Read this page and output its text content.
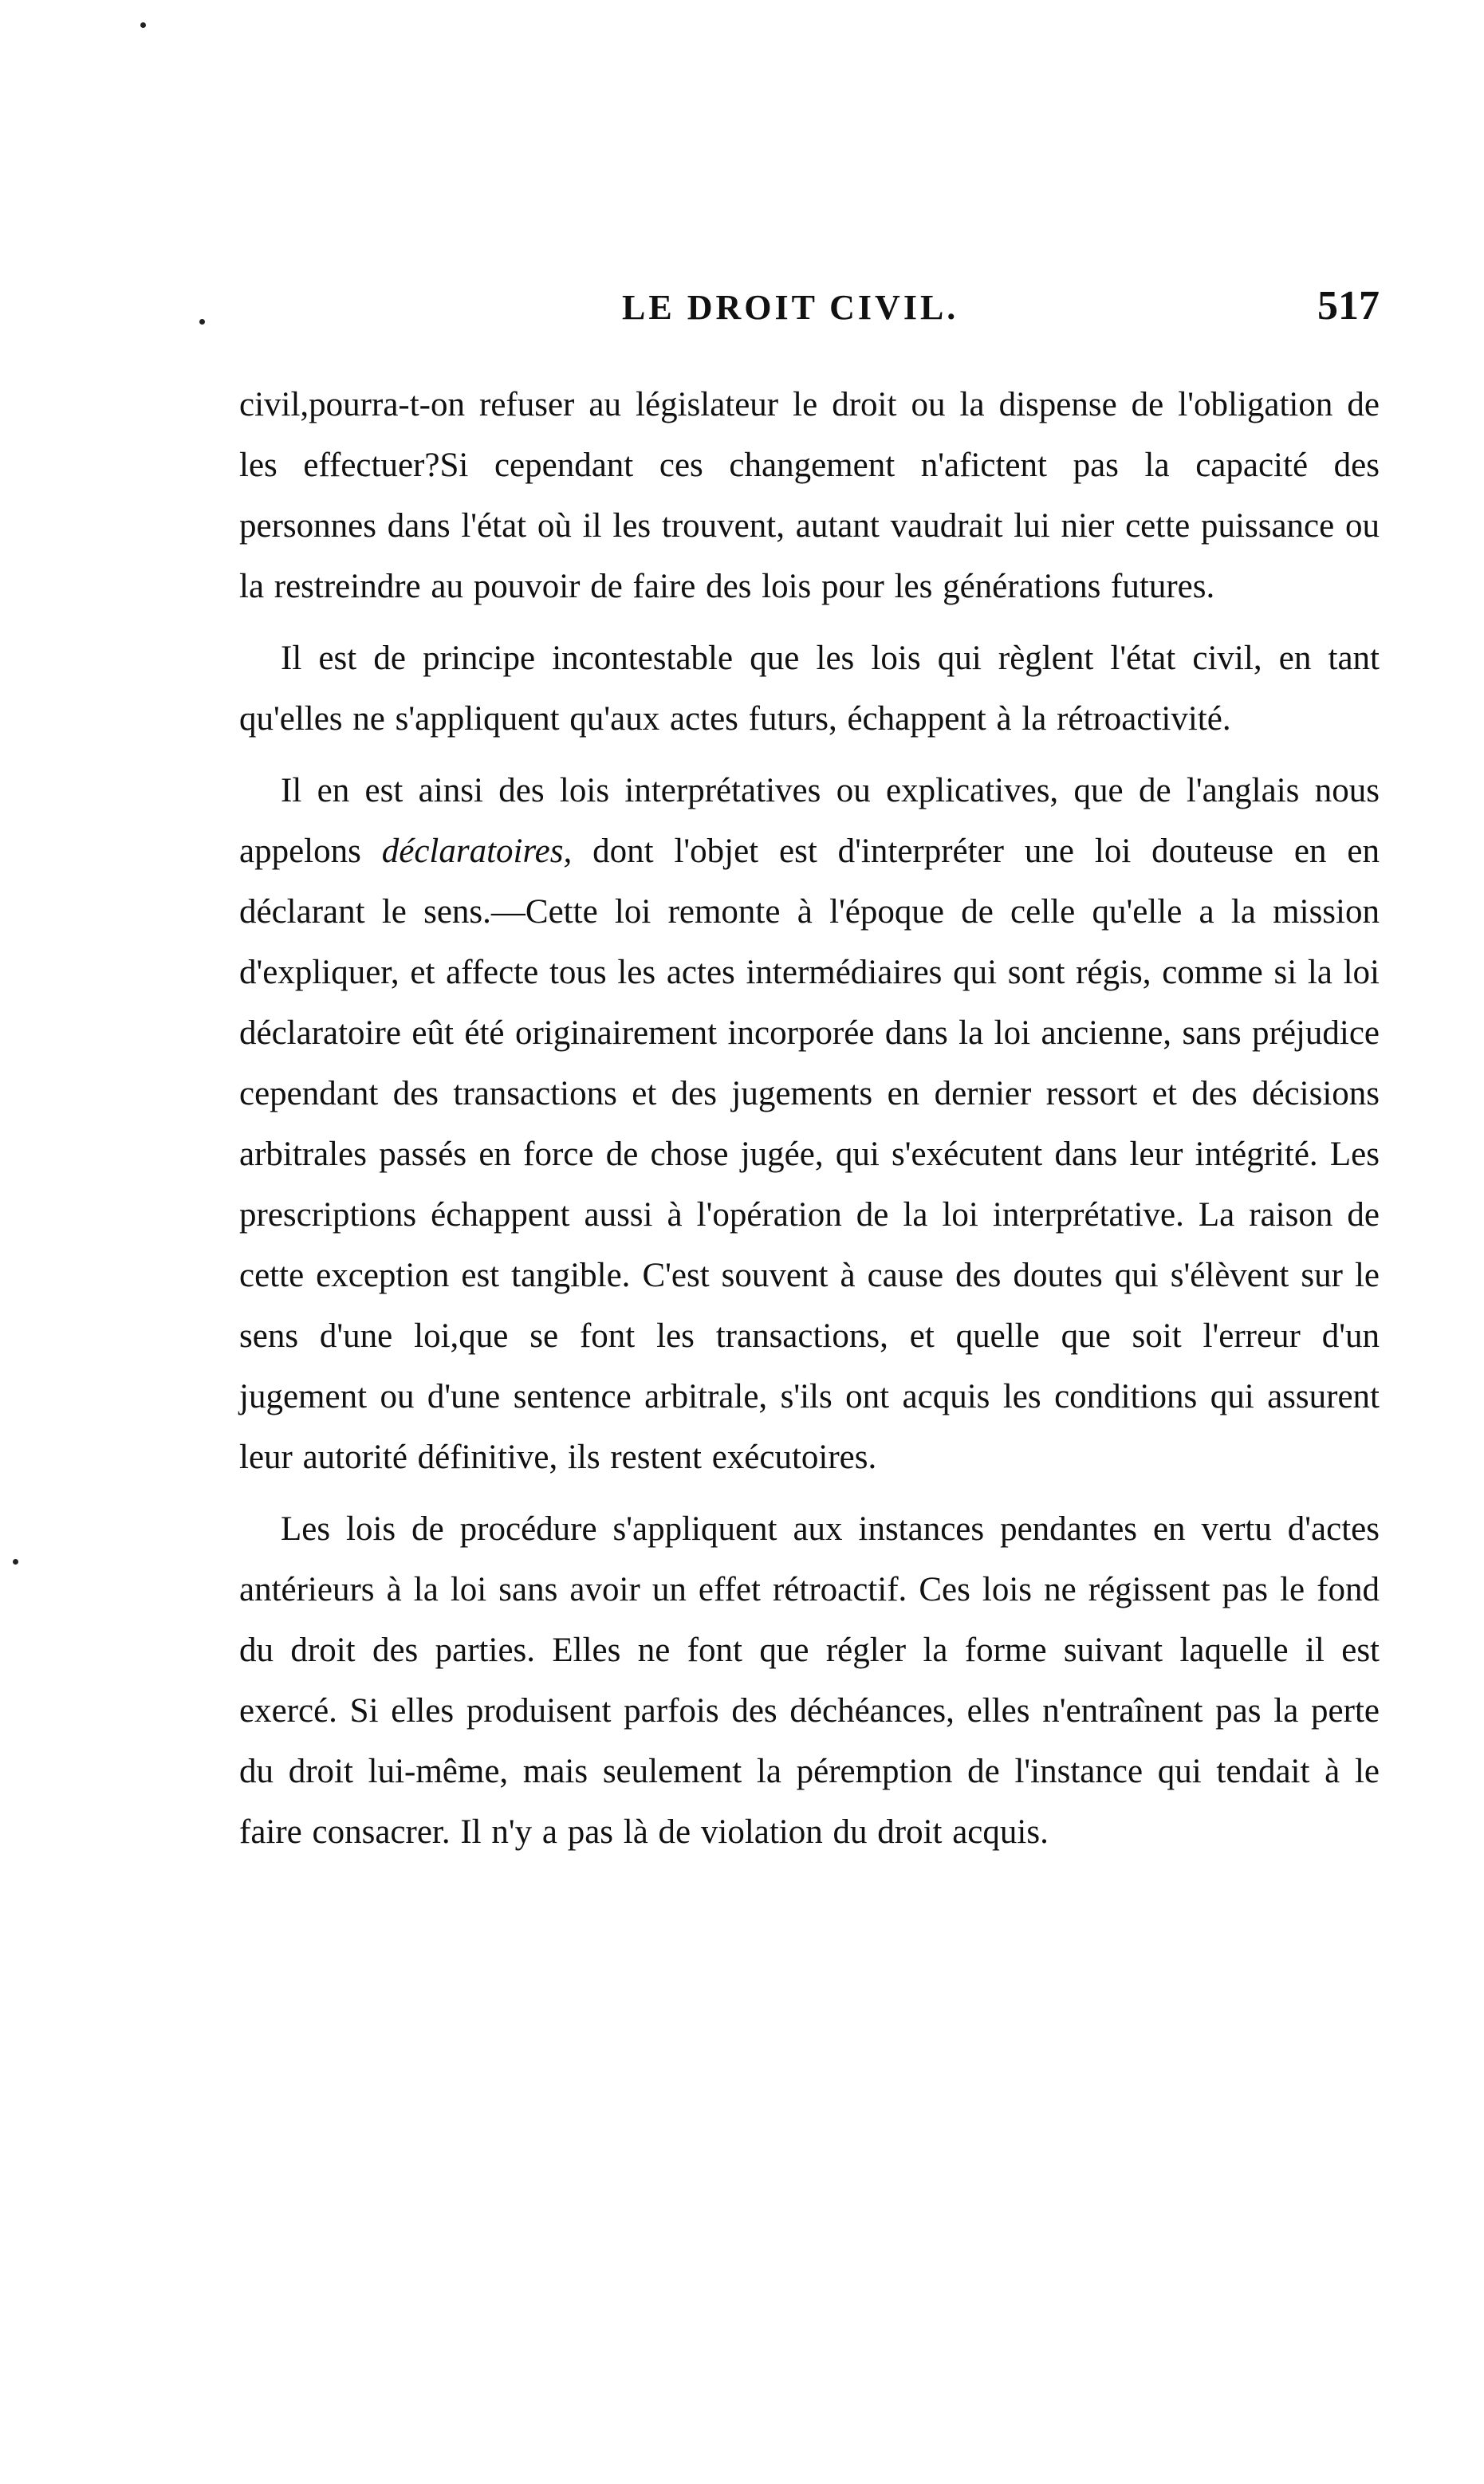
LE DROIT CIVIL.	517

civil,pourra-t-on refuser au législateur le droit ou la dispense de l'obligation de les effectuer?Si cependant ces changement n'afictent pas la capacité des personnes dans l'état où il les trouvent, autant vaudrait lui nier cette puissance ou la restreindre au pouvoir de faire des lois pour les générations futures.

Il est de principe incontestable que les lois qui règlent l'état civil, en tant qu'elles ne s'appliquent qu'aux actes futurs, échappent à la rétroactivité.

Il en est ainsi des lois interprétatives ou explicatives, que de l'anglais nous appelons déclaratoires, dont l'objet est d'interpréter une loi douteuse en en déclarant le sens.—Cette loi remonte à l'époque de celle qu'elle a la mission d'expliquer, et affecte tous les actes intermédiaires qui sont régis, comme si la loi déclaratoire eût été originairement incorporée dans la loi ancienne, sans préjudice cependant des transactions et des jugements en dernier ressort et des décisions arbitrales passés en force de chose jugée, qui s'exécutent dans leur intégrité. Les prescriptions échappent aussi à l'opération de la loi interprétative. La raison de cette exception est tangible. C'est souvent à cause des doutes qui s'élèvent sur le sens d'une loi,que se font les transactions, et quelle que soit l'erreur d'un jugement ou d'une sentence arbitrale, s'ils ont acquis les conditions qui assurent leur autorité définitive, ils restent exécutoires.

Les lois de procédure s'appliquent aux instances pendantes en vertu d'actes antérieurs à la loi sans avoir un effet rétroactif. Ces lois ne régissent pas le fond du droit des parties. Elles ne font que régler la forme suivant laquelle il est exercé. Si elles produisent parfois des déchéances, elles n'entraînent pas la perte du droit lui-même, mais seulement la péremption de l'instance qui tendait à le faire consacrer. Il n'y a pas là de violation du droit acquis.
